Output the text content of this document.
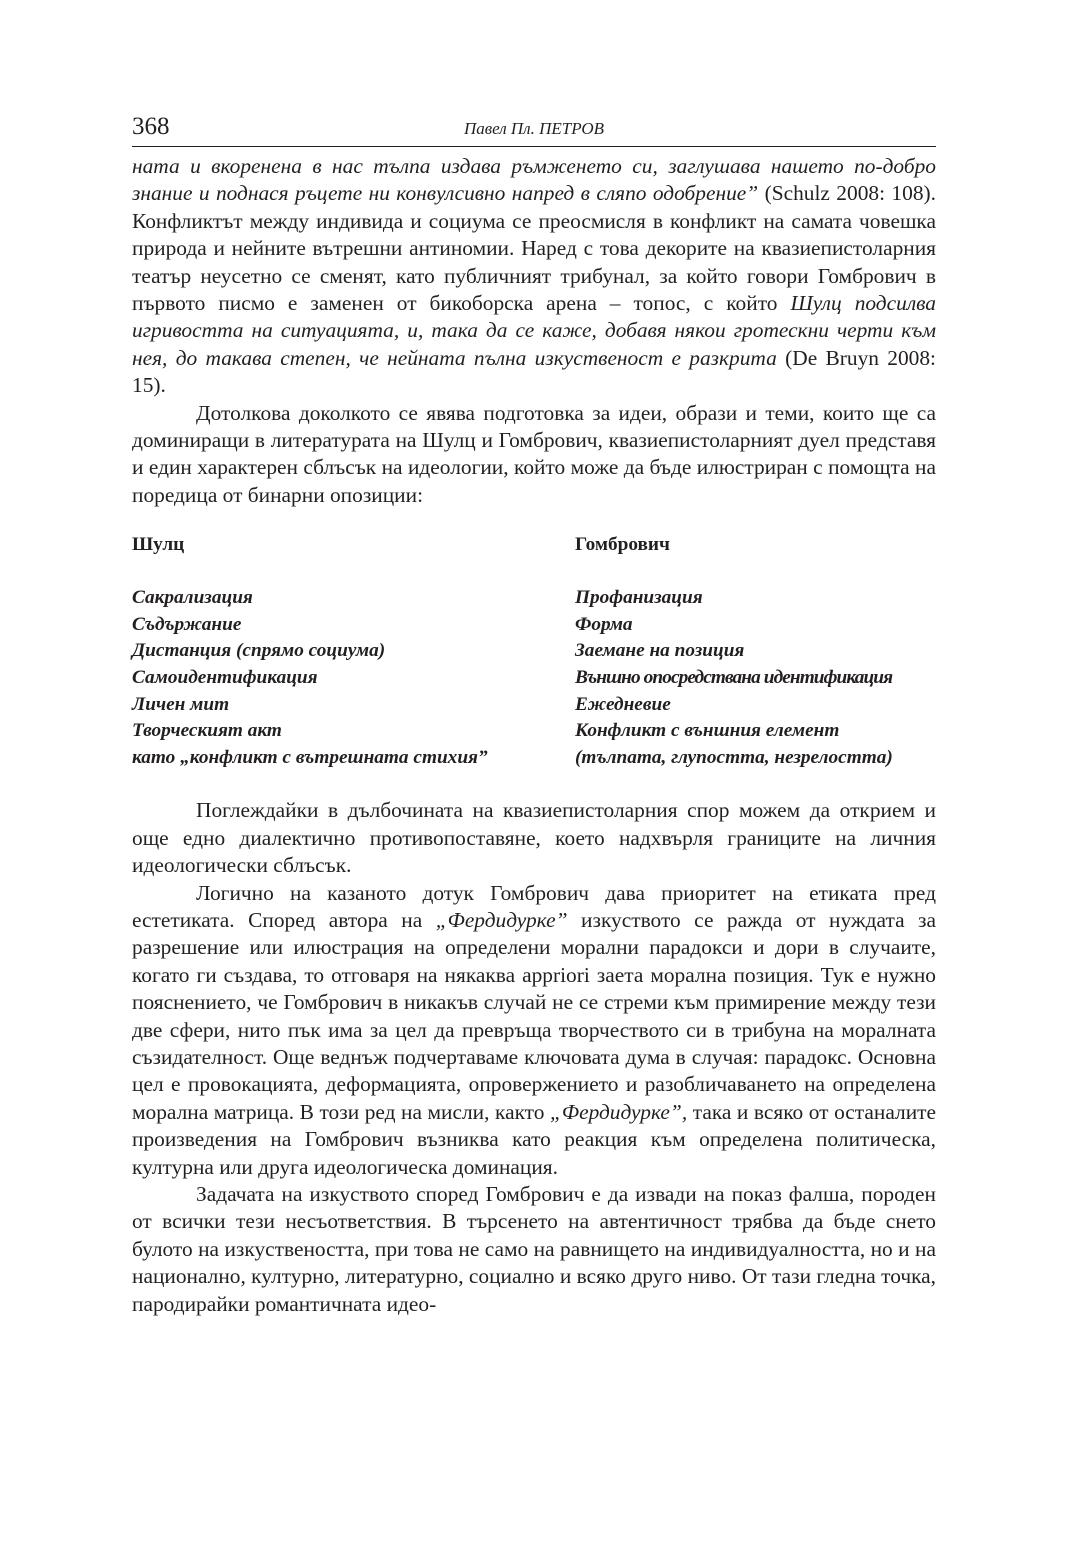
368	Павел Пл. ПЕТРОВ

ната и вкоренена в нас тълпа издава ръмженето си, заглушава нашето по-добро знание и поднася ръцете ни конвулсивно напред в сляпо одобрение” (Schulz 2008: 108). Конфликтът между индивида и социума се преосмисля в конфликт на самата човешка природа и нейните вътрешни антиномии. Наред с това декорите на квазиепистоларния театър неусетно се сменят, като публичният трибунал, за който говори Гомбрович в първото писмо е заменен от бикоборска арена – топос, с който Шулц подсилва игривостта на ситуацията, и, така да се каже, добавя някои гротескни черти към нея, до такава степен, че нейната пълна изкуственост е разкрита (De Bruyn 2008: 15).

Дотолкова доколкото се явява подготовка за идеи, образи и теми, които ще са доминиращи в литературата на Шулц и Гомбрович, квазиепистоларният дуел представя и един характерен сблъсък на идеологии, който може да бъде илюстриран с помощта на поредица от бинарни опозиции:

Шулц
Сакрализация
Съдържание
Дистанция (спрямо социума)
Самоидентификация
Личен мит
Творческият акт
като „конфликт с вътрешната стихия”
Гомбрович
Профанизация
Форма
Заемане на позиция
Външно опосредствана идентификация
Ежедневие
Конфликт с външния елемент
(тълпата, глупостта, незрелостта)

Поглеждайки в дълбочината на квазиепистоларния спор можем да открием и още едно диалектично противопоставяне, което надхвърля границите на личния идеологически сблъсък.

Логично на казаното дотук Гомбрович дава приоритет на етиката пред естетиката. Според автора на „Фердидурке” изкуството се ражда от нуждата за разрешение или илюстрация на определени морални парадокси и дори в случаите, когато ги създава, то отговаря на някаква appriori заета морална позиция. Тук е нужно пояснението, че Гомбрович в никакъв случай не се стреми към примирение между тези две сфери, нито пък има за цел да превръща творчеството си в трибуна на моралната съзидателност. Още веднъж подчертаваме ключовата дума в случая: парадокс. Основна цел е провокацията, деформацията, опровержението и разобличаването на определена морална матрица. В този ред на мисли, както „Фердидурке”, така и всяко от останалите произведения на Гомбрович възниква като реакция към определена политическа, културна или друга идеологическа доминация.

Задачата на изкуството според Гомбрович е да извади на показ фалша, породен от всички тези несъответствия. В търсенето на автентичност трябва да бъде снето булото на изкуствеността, при това не само на равнището на индивидуалността, но и на национално, културно, литературно, социално и всяко друго ниво. От тази гледна точка, пародирайки романтичната идео-
